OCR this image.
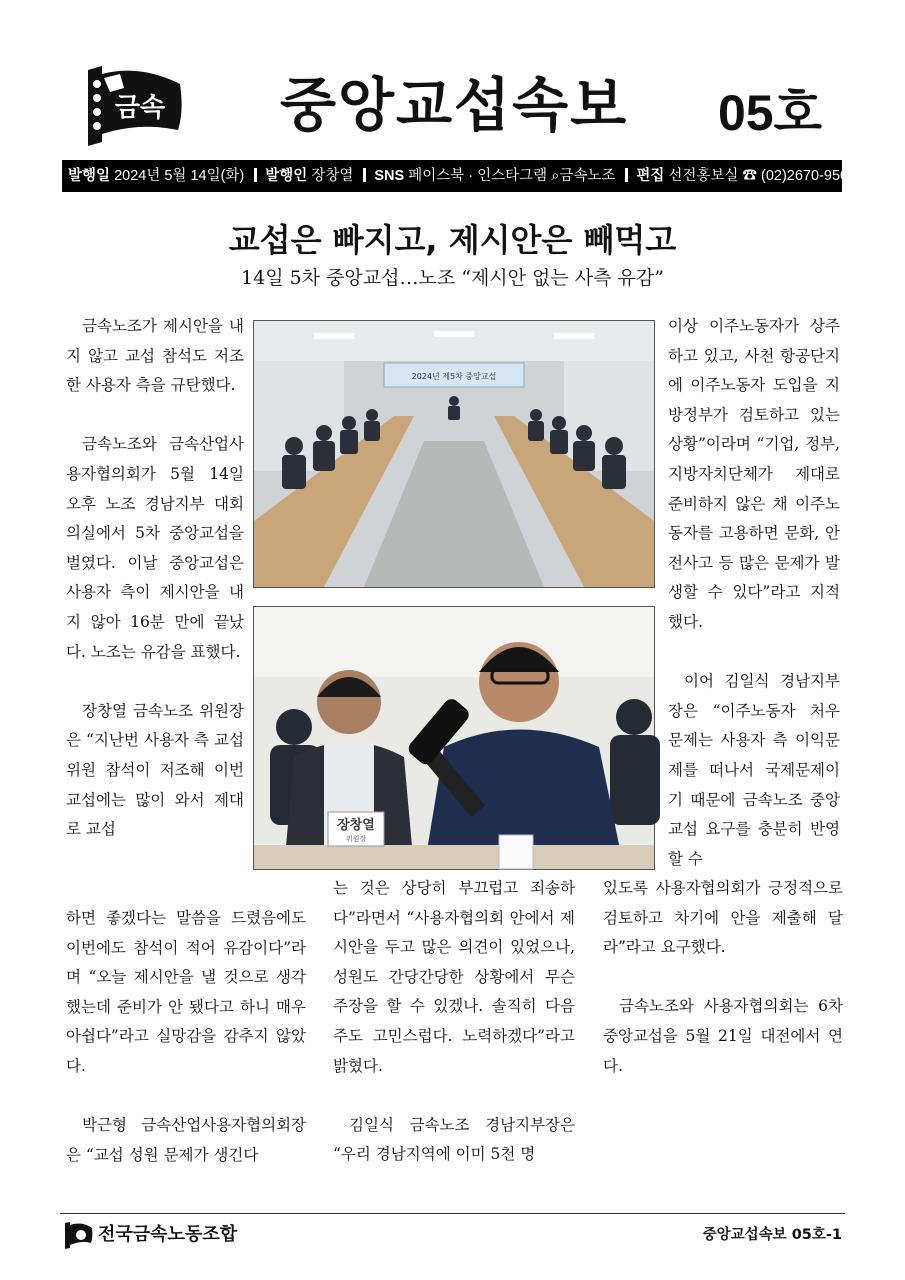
금속 중앙교섭속보 05호
발행일 2024년 5월 14일(화) 발행인 장창열 SNS 페이스북 · 인스타그램 ⌕금속노조 편집 선전홍보실 ☎ (02)2670-9507
교섭은 빠지고, 제시안은 빼먹고
14일 5차 중앙교섭…노조 “제시안 없는 사측 유감”

금속노조가 제시안을 내지 않고 교섭 참석도 저조한 사용자 측을 규탄했다.

금속노조와 금속산업사용자협의회가 5월 14일 오후 노조 경남지부 대회의실에서 5차 중앙교섭을 벌였다. 이날 중앙교섭은 사용자 측이 제시안을 내지 않아 16분 만에 끝났다. 노조는 유감을 표했다.

장창열 금속노조 위원장은 “지난번 사용자 측 교섭위원 참석이 저조해 이번 교섭에는 많이 와서 제대로 교섭

2024년 제5차 중앙교섭
장창열
위원장

이상 이주노동자가 상주하고 있고, 사천 항공단지에 이주노동자 도입을 지방정부가 검토하고 있는 상황”이라며 “기업, 정부, 지방자치단체가 제대로 준비하지 않은 채 이주노동자를 고용하면 문화, 안전사고 등 많은 문제가 발생할 수 있다”라고 지적했다.

이어 김일식 경남지부장은 “이주노동자 처우 문제는 사용자 측 이익문제를 떠나서 국제문제이기 때문에 금속노조 중앙교섭 요구를 충분히 반영할 수

하면 좋겠다는 말씀을 드렸음에도 이번에도 참석이 적어 유감이다”라며 “오늘 제시안을 낼 것으로 생각했는데 준비가 안 됐다고 하니 매우 아쉽다”라고 실망감을 감추지 않았다.

박근형 금속산업사용자협의회장은 “교섭 성원 문제가 생긴다

는 것은 상당히 부끄럽고 죄송하다”라면서 “사용자협의회 안에서 제시안을 두고 많은 의견이 있었으나, 성원도 간당간당한 상황에서 무슨 주장을 할 수 있겠나. 솔직히 다음 주도 고민스럽다. 노력하겠다”라고 밝혔다.

김일식 금속노조 경남지부장은 “우리 경남지역에 이미 5천 명

있도록 사용자협의회가 긍정적으로 검토하고 차기에 안을 제출해 달라”라고 요구했다.

금속노조와 사용자협의회는 6차 중앙교섭을 5월 21일 대전에서 연다.

전국금속노동조합	중앙교섭속보 05호-1
